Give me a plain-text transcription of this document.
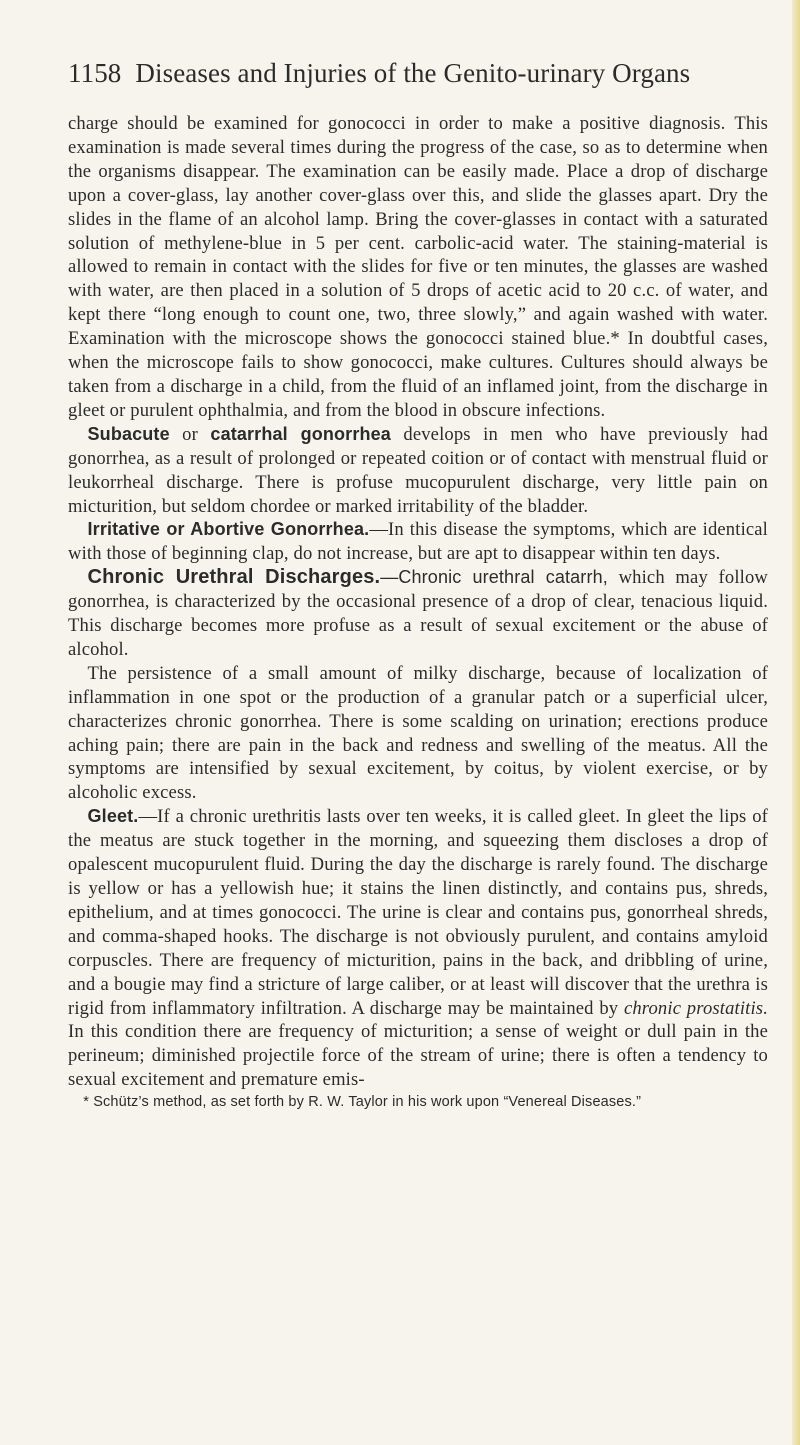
1158 Diseases and Injuries of the Genito-urinary Organs

charge should be examined for gonococci in order to make a positive diagnosis. This examination is made several times during the progress of the case, so as to determine when the organisms disappear. The examination can be easily made. Place a drop of discharge upon a cover-glass, lay another cover-glass over this, and slide the glasses apart. Dry the slides in the flame of an alcohol lamp. Bring the cover-glasses in contact with a saturated solution of methylene-blue in 5 per cent. carbolic-acid water. The staining-material is allowed to remain in contact with the slides for five or ten minutes, the glasses are washed with water, are then placed in a solution of 5 drops of acetic acid to 20 c.c. of water, and kept there “long enough to count one, two, three slowly,” and again washed with water. Examination with the microscope shows the gonococci stained blue.* In doubtful cases, when the microscope fails to show gonococci, make cultures. Cultures should always be taken from a discharge in a child, from the fluid of an inflamed joint, from the discharge in gleet or purulent ophthalmia, and from the blood in obscure infections.

Subacute or catarrhal gonorrhea develops in men who have previously had gonorrhea, as a result of prolonged or repeated coition or of contact with menstrual fluid or leukorrheal discharge. There is profuse mucopurulent discharge, very little pain on micturition, but seldom chordee or marked irritability of the bladder.

Irritative or Abortive Gonorrhea.—In this disease the symptoms, which are identical with those of beginning clap, do not increase, but are apt to disappear within ten days.

Chronic Urethral Discharges.—Chronic urethral catarrh, which may follow gonorrhea, is characterized by the occasional presence of a drop of clear, tenacious liquid. This discharge becomes more profuse as a result of sexual excitement or the abuse of alcohol.

The persistence of a small amount of milky discharge, because of localization of inflammation in one spot or the production of a granular patch or a superficial ulcer, characterizes chronic gonorrhea. There is some scalding on urination; erections produce aching pain; there are pain in the back and redness and swelling of the meatus. All the symptoms are intensified by sexual excitement, by coitus, by violent exercise, or by alcoholic excess.

Gleet.—If a chronic urethritis lasts over ten weeks, it is called gleet. In gleet the lips of the meatus are stuck together in the morning, and squeezing them discloses a drop of opalescent mucopurulent fluid. During the day the discharge is rarely found. The discharge is yellow or has a yellowish hue; it stains the linen distinctly, and contains pus, shreds, epithelium, and at times gonococci. The urine is clear and contains pus, gonorrheal shreds, and comma-shaped hooks. The discharge is not obviously purulent, and contains amyloid corpuscles. There are frequency of micturition, pains in the back, and dribbling of urine, and a bougie may find a stricture of large caliber, or at least will discover that the urethra is rigid from inflammatory infiltration. A discharge may be maintained by chronic prostatitis. In this condition there are frequency of micturition; a sense of weight or dull pain in the perineum; diminished projectile force of the stream of urine; there is often a tendency to sexual excitement and premature emis-

* Schütz’s method, as set forth by R. W. Taylor in his work upon “Venereal Diseases.”
